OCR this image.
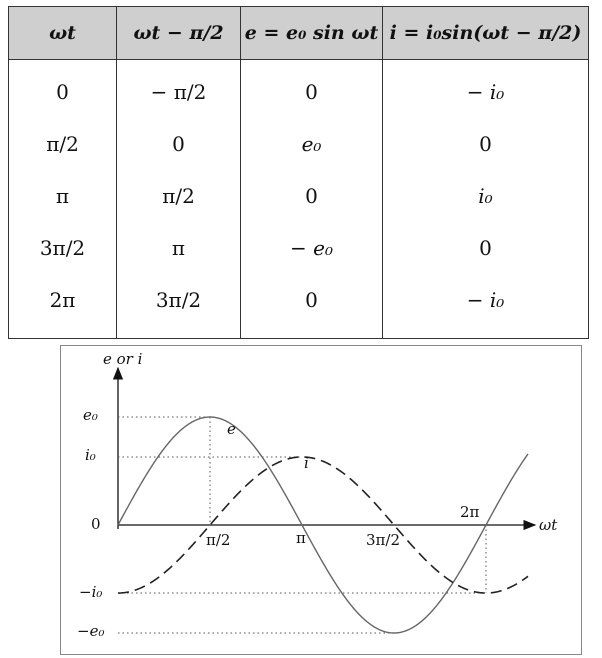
ωt	ωt − π/2	e = e₀ sin ωt	i = i₀sin(ωt − π/2)
0	− π/2	0	− i₀
π/2	0	e₀	0
π	π/2	0	i₀
3π/2	π	− e₀	0
2π	3π/2	0	− i₀
e or i
ωt
e₀
i₀
0
−i₀
−e₀
π/2	π	3π/2
2π
e
i
